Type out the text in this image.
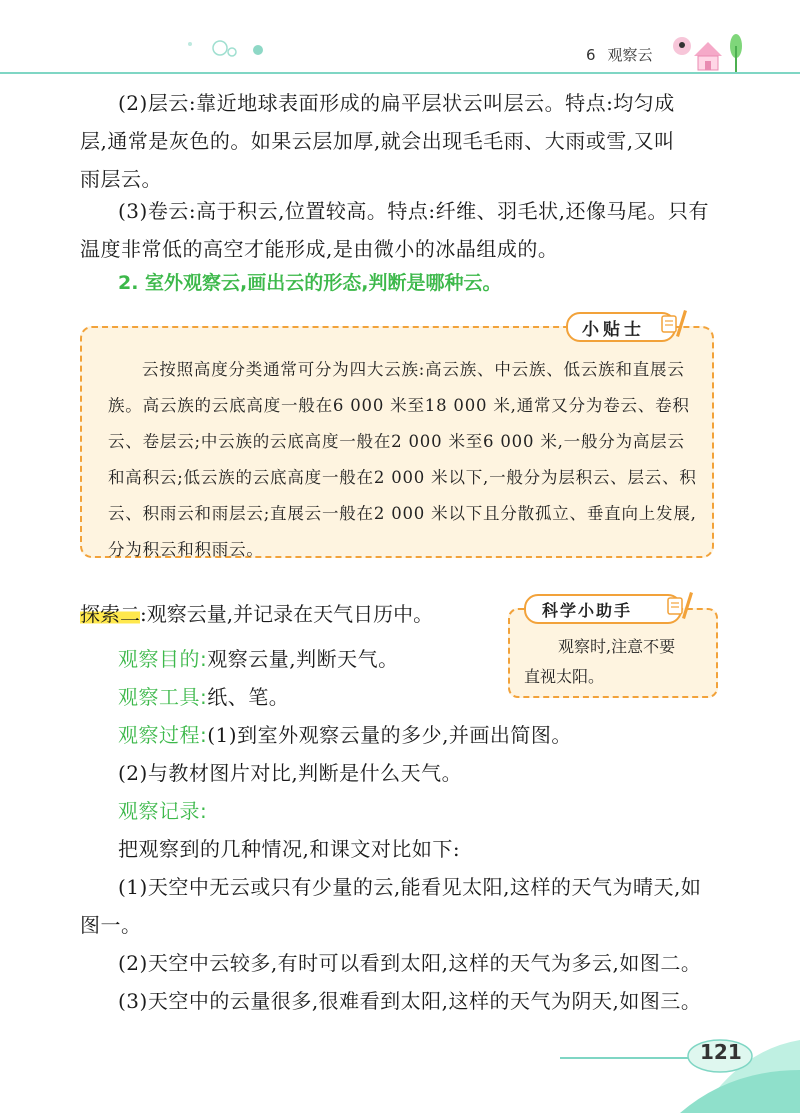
6 观察云
(2)层云:靠近地球表面形成的扁平层状云叫层云。特点:均匀成
层,通常是灰色的。如果云层加厚,就会出现毛毛雨、大雨或雪,又叫
雨层云。
(3)卷云:高于积云,位置较高。特点:纤维、羽毛状,还像马尾。只有
温度非常低的高空才能形成,是由微小的冰晶组成的。
2. 室外观察云,画出云的形态,判断是哪种云。
小贴士
云按照高度分类通常可分为四大云族:高云族、中云族、低云族和直展云
族。高云族的云底高度一般在6 000 米至18 000 米,通常又分为卷云、卷积
云、卷层云;中云族的云底高度一般在2 000 米至6 000 米,一般分为高层云
和高积云;低云族的云底高度一般在2 000 米以下,一般分为层积云、层云、积
云、积雨云和雨层云;直展云一般在2 000 米以下且分散孤立、垂直向上发展,
分为积云和积雨云。
探索二:观察云量,并记录在天气日历中。	科学小助手
观察时,注意不要
直视太阳。
观察目的:观察云量,判断天气。
观察工具:纸、笔。
观察过程:(1)到室外观察云量的多少,并画出简图。
(2)与教材图片对比,判断是什么天气。
观察记录:
把观察到的几种情况,和课文对比如下:
(1)天空中无云或只有少量的云,能看见太阳,这样的天气为晴天,如
图一。
(2)天空中云较多,有时可以看到太阳,这样的天气为多云,如图二。
(3)天空中的云量很多,很难看到太阳,这样的天气为阴天,如图三。
121
